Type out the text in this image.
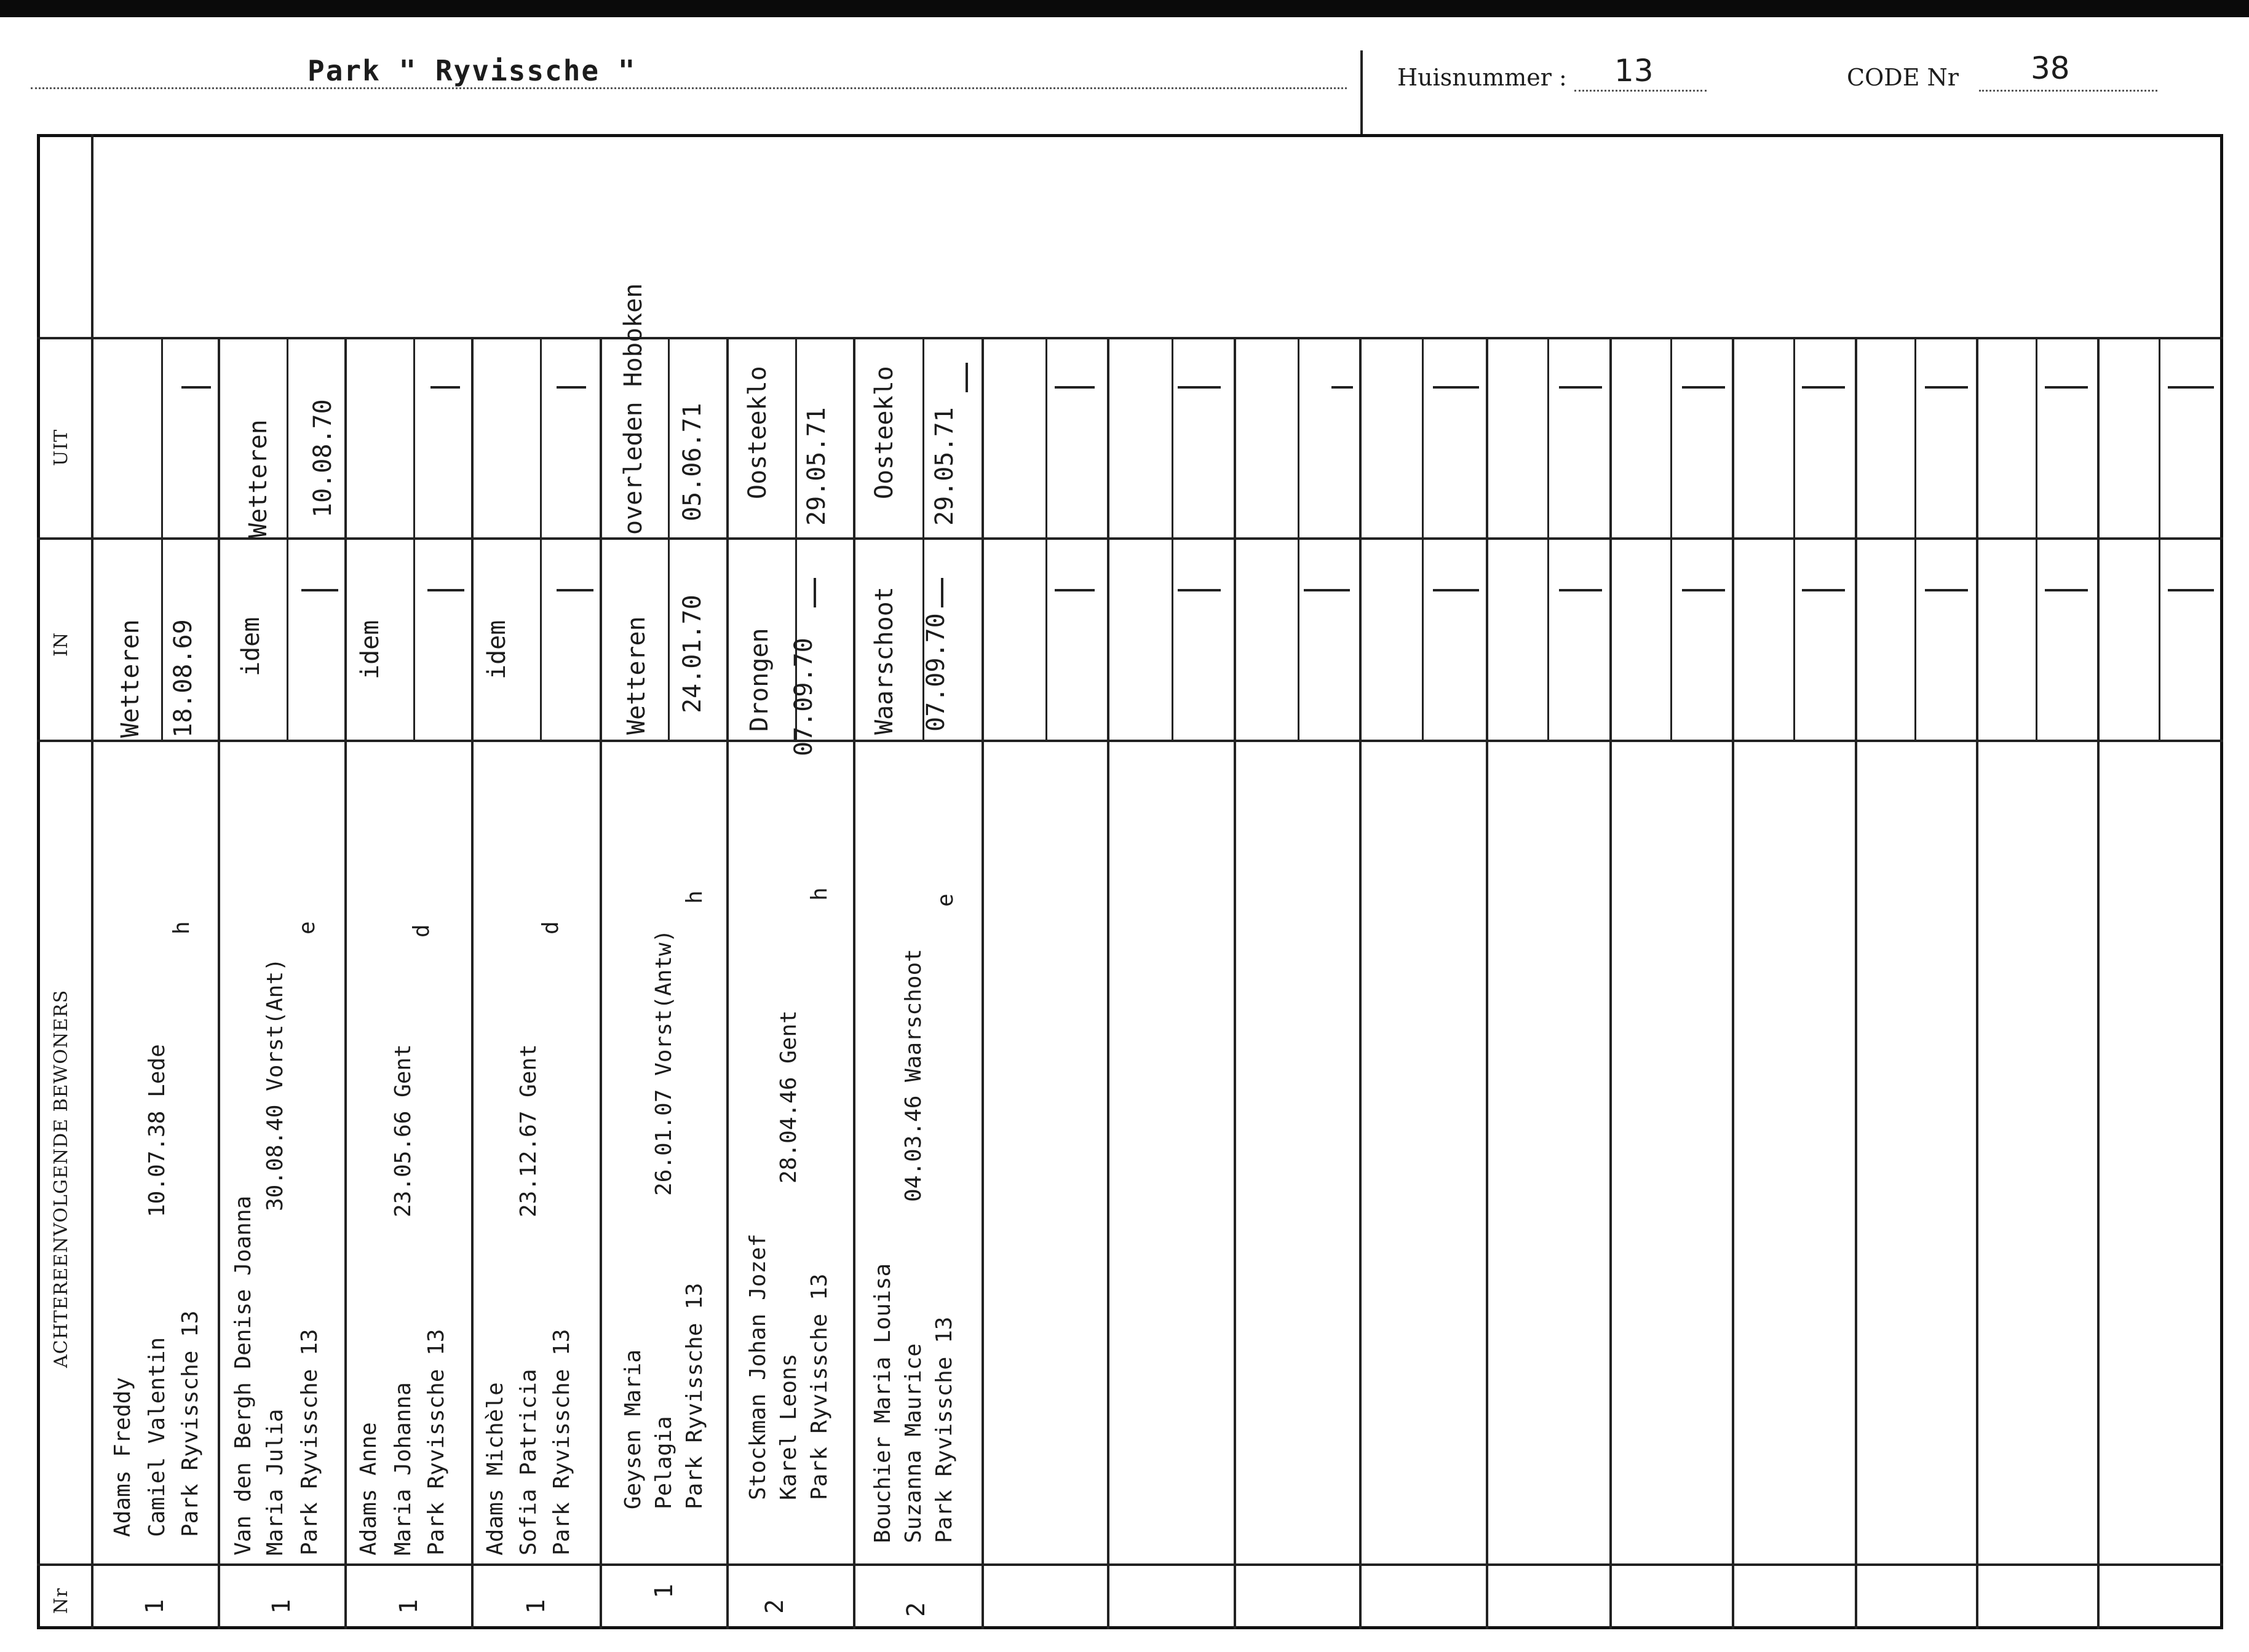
Park " Ryvissche "	Huisnummer : 13	CODE Nr 38
UIT
IN
ACHTEREENVOLGENDE BEWONERS
Nr
Wetteren 18.08.69
Adams Freddy Camiel Valentin Park Ryvissche 13
10.07.38 Lede
h
1
idem
Wetteren 10.08.70
Van den Bergh Denise Joanna Maria Julia Park Ryvissche 13
30.08.40 Vorst(Ant)
e
1
idem
Adams Anne Maria Johanna Park Ryvissche 13
23.05.66 Gent
d
1
idem
Adams Michèle Sofia Patricia Park Ryvissche 13
23.12.67 Gent
d
1
Wetteren 24.01.70
overleden Hoboken 05.06.71
Geysen Maria Pelagia Park Ryvissche 13
26.01.07 Vorst(Antw)
h
1
Drongen 07.09.70
Oosteeklo 29.05.71
Stockman Johan Jozef Karel Leons Park Ryvissche 13
28.04.46 Gent
h
2
Waarschoot 07.09.70
Oosteeklo 29.05.71
Bouchier Maria Louisa Suzanna Maurice Park Ryvissche 13
04.03.46 Waarschoot
e
2
